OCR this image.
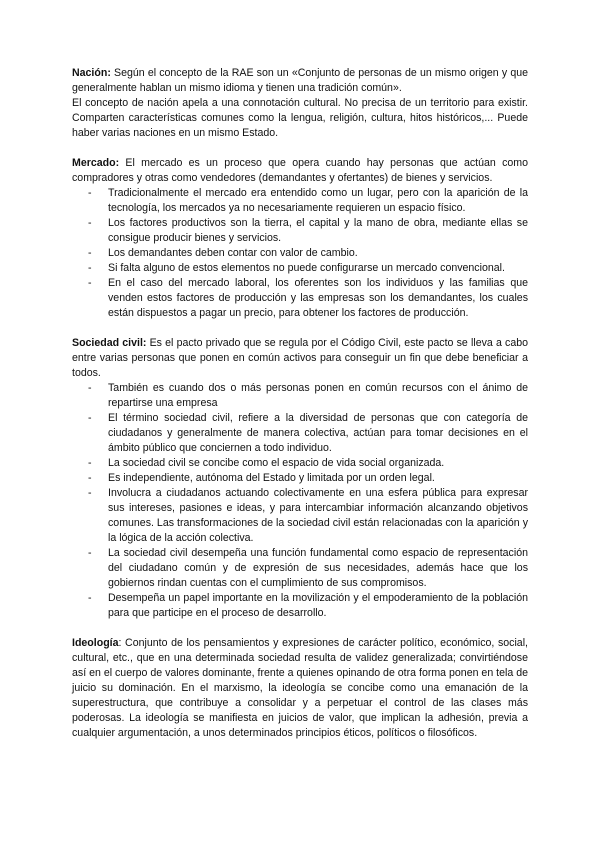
Nación: Según el concepto de la RAE son un «Conjunto de personas de un mismo origen y que generalmente hablan un mismo idioma y tienen una tradición común».

El concepto de nación apela a una connotación cultural. No precisa de un territorio para existir. Comparten características comunes como la lengua, religión, cultura, hitos históricos,... Puede haber varias naciones en un mismo Estado.

Mercado: El mercado es un proceso que opera cuando hay personas que actúan como compradores y otras como vendedores (demandantes y ofertantes) de bienes y servicios.

- Tradicionalmente el mercado era entendido como un lugar, pero con la aparición de la tecnología, los mercados ya no necesariamente requieren un espacio físico.
- Los factores productivos son la tierra, el capital y la mano de obra, mediante ellas se consigue producir bienes y servicios.
- Los demandantes deben contar con valor de cambio.
- Si falta alguno de estos elementos no puede configurarse un mercado convencional.
- En el caso del mercado laboral, los oferentes son los individuos y las familias que venden estos factores de producción y las empresas son los demandantes, los cuales están dispuestos a pagar un precio, para obtener los factores de producción.

Sociedad civil: Es el pacto privado que se regula por el Código Civil, este pacto se lleva a cabo entre varias personas que ponen en común activos para conseguir un fin que debe beneficiar a todos.

- También es cuando dos o más personas ponen en común recursos con el ánimo de repartirse una empresa
- El término sociedad civil, refiere a la diversidad de personas que con categoría de ciudadanos y generalmente de manera colectiva, actúan para tomar decisiones en el ámbito público que conciernen a todo individuo.
- La sociedad civil se concibe como el espacio de vida social organizada.
- Es independiente, autónoma del Estado y limitada por un orden legal.
- Involucra a ciudadanos actuando colectivamente en una esfera pública para expresar sus intereses, pasiones e ideas, y para intercambiar información alcanzando objetivos comunes. Las transformaciones de la sociedad civil están relacionadas con la aparición y la lógica de la acción colectiva.
- La sociedad civil desempeña una función fundamental como espacio de representación del ciudadano común y de expresión de sus necesidades, además hace que los gobiernos rindan cuentas con el cumplimiento de sus compromisos.
- Desempeña un papel importante en la movilización y el empoderamiento de la población para que participe en el proceso de desarrollo.

Ideología: Conjunto de los pensamientos y expresiones de carácter político, económico, social, cultural, etc., que en una determinada sociedad resulta de validez generalizada; convirtiéndose así en el cuerpo de valores dominante, frente a quienes opinando de otra forma ponen en tela de juicio su dominación. En el marxismo, la ideología se concibe como una emanación de la superestructura, que contribuye a consolidar y a perpetuar el control de las clases más poderosas. La ideología se manifiesta en juicios de valor, que implican la adhesión, previa a cualquier argumentación, a unos determinados principios éticos, políticos o filosóficos.
